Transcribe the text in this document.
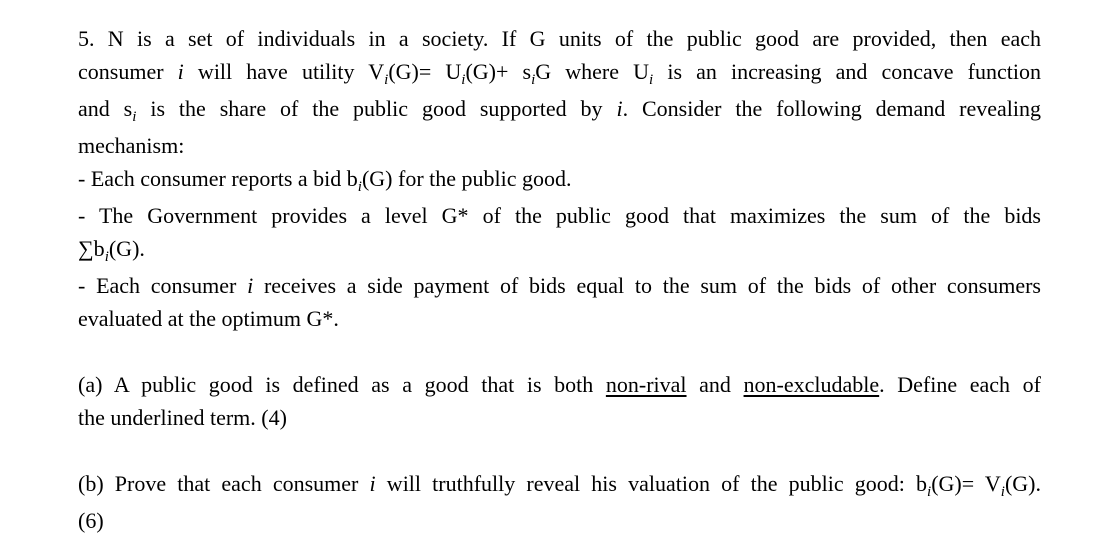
5. N is a set of individuals in a society. If G units of the public good are provided, then each
consumer i will have utility $V_i(G)= U_i(G)+ s_iG$ where $U_i$ is an increasing and concave function
and $s_i$ is the share of the public good supported by i. Consider the following demand revealing
mechanism:
- Each consumer reports a bid $b_i(G)$ for the public good.
- The Government provides a level G* of the public good that maximizes the sum of the bids
$\sum b_i(G)$.
- Each consumer i receives a side payment of bids equal to the sum of the bids of other consumers
evaluated at the optimum G*.
(a) A public good is defined as a good that is both non-rival and non-excludable. Define each of
the underlined term. (4)
(b) Prove that each consumer i will truthfully reveal his valuation of the public good: $b_i(G)= V_i(G)$.
(6)
